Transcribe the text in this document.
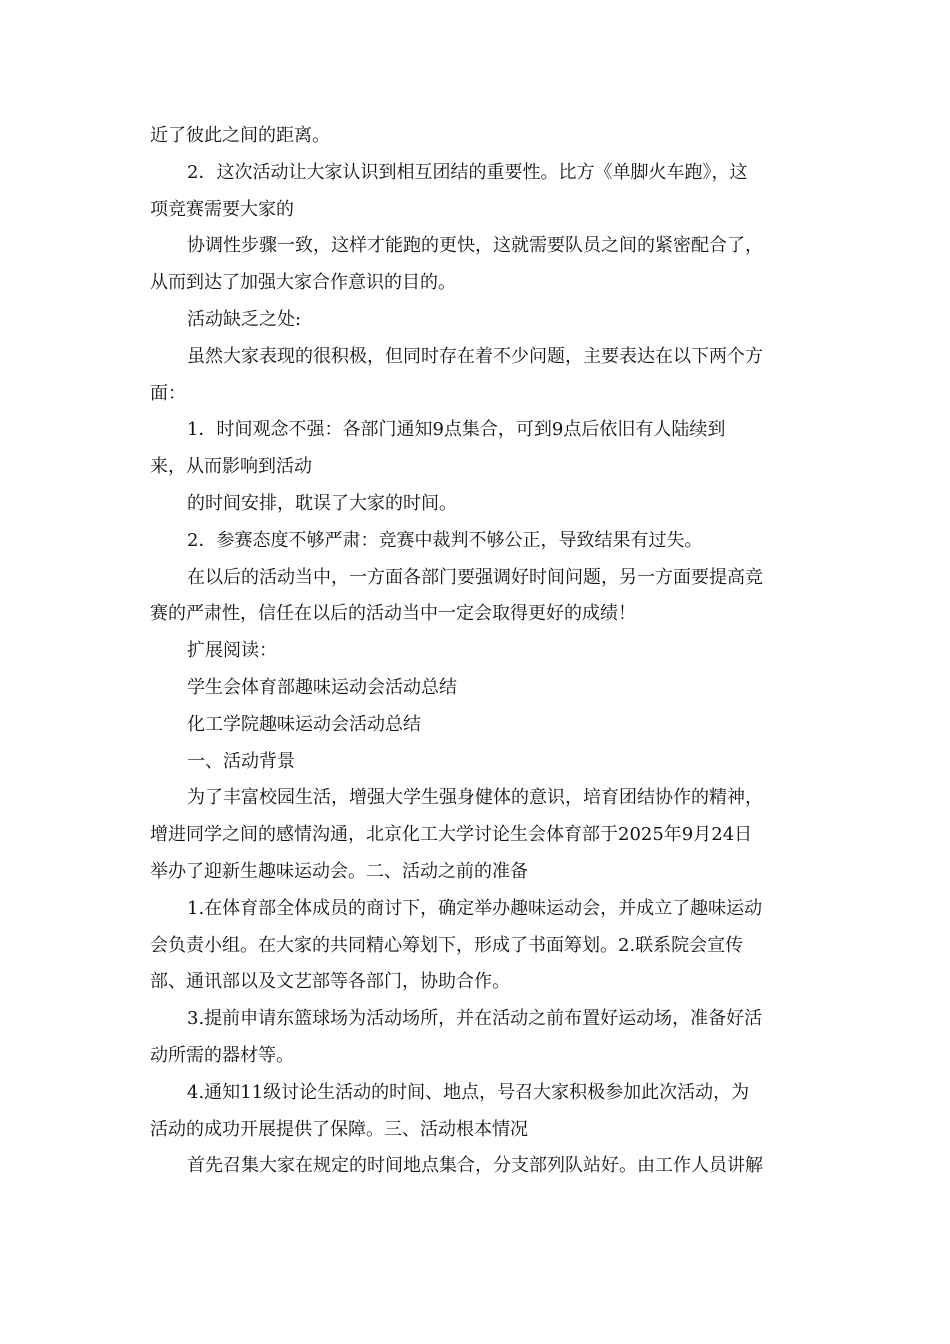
近了彼此之间的距离。
2．这次活动让大家认识到相互团结的重要性。比方《单脚火车跑》，这
项竞赛需要大家的
协调性步骤一致，这样才能跑的更快，这就需要队员之间的紧密配合了，
从而到达了加强大家合作意识的目的。
活动缺乏之处:
虽然大家表现的很积极，但同时存在着不少问题，主要表达在以下两个方
面：
1．时间观念不强：各部门通知9点集合，可到9点后依旧有人陆续到
来，从而影响到活动
的时间安排，耽误了大家的时间。
2．参赛态度不够严肃：竞赛中裁判不够公正，导致结果有过失。
在以后的活动当中，一方面各部门要强调好时间问题，另一方面要提高竞
赛的严肃性，信任在以后的活动当中一定会取得更好的成绩！
扩展阅读：
学生会体育部趣味运动会活动总结
化工学院趣味运动会活动总结
一、活动背景
为了丰富校园生活，增强大学生强身健体的意识，培育团结协作的精神，
增进同学之间的感情沟通，北京化工大学讨论生会体育部于2025年9月24日
举办了迎新生趣味运动会。二、活动之前的准备
1.在体育部全体成员的商讨下，确定举办趣味运动会，并成立了趣味运动
会负责小组。在大家的共同精心筹划下，形成了书面筹划。2.联系院会宣传
部、通讯部以及文艺部等各部门，协助合作。
3.提前申请东篮球场为活动场所，并在活动之前布置好运动场，准备好活
动所需的器材等。
4.通知11级讨论生活动的时间、地点，号召大家积极参加此次活动，为
活动的成功开展提供了保障。三、活动根本情况
首先召集大家在规定的时间地点集合，分支部列队站好。由工作人员讲解
